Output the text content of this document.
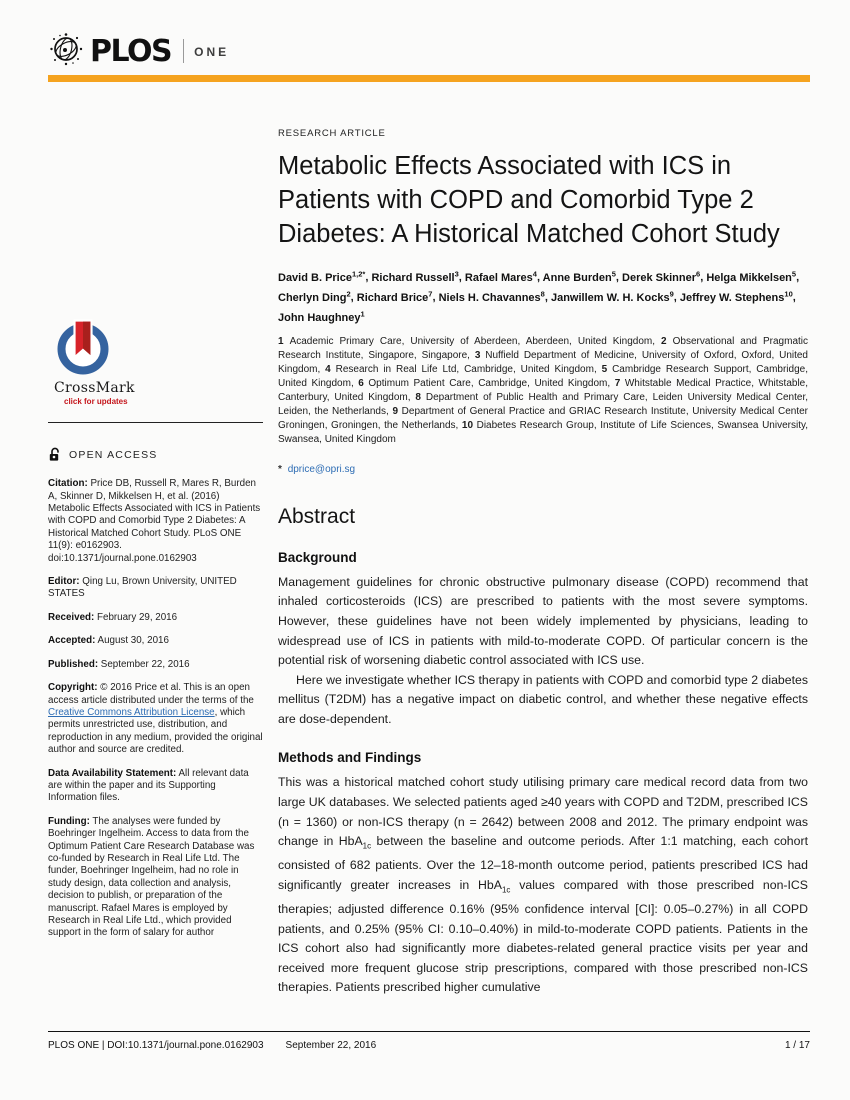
PLOS ONE
CrossMark
click for updates
OPEN ACCESS
Citation: Price DB, Russell R, Mares R, Burden A, Skinner D, Mikkelsen H, et al. (2016) Metabolic Effects Associated with ICS in Patients with COPD and Comorbid Type 2 Diabetes: A Historical Matched Cohort Study. PLoS ONE 11(9): e0162903. doi:10.1371/journal.pone.0162903
Editor: Qing Lu, Brown University, UNITED STATES
Received: February 29, 2016
Accepted: August 30, 2016
Published: September 22, 2016
Copyright: © 2016 Price et al. This is an open access article distributed under the terms of the Creative Commons Attribution License, which permits unrestricted use, distribution, and reproduction in any medium, provided the original author and source are credited.
Data Availability Statement: All relevant data are within the paper and its Supporting Information files.
Funding: The analyses were funded by Boehringer Ingelheim. Access to data from the Optimum Patient Care Research Database was co-funded by Research in Real Life Ltd. The funder, Boehringer Ingelheim, had no role in study design, data collection and analysis, decision to publish, or preparation of the manuscript. Rafael Mares is employed by Research in Real Life Ltd., which provided support in the form of salary for author
RESEARCH ARTICLE
Metabolic Effects Associated with ICS in Patients with COPD and Comorbid Type 2 Diabetes: A Historical Matched Cohort Study
David B. Price$^{1,2*}$, Richard Russell$^3$, Rafael Mares$^4$, Anne Burden$^5$, Derek Skinner$^6$, Helga Mikkelsen$^5$, Cherlyn Ding$^2$, Richard Brice$^7$, Niels H. Chavannes$^8$, Janwillem W. H. Kocks$^9$, Jeffrey W. Stephens$^{10}$, John Haughney$^1$
1 Academic Primary Care, University of Aberdeen, Aberdeen, United Kingdom, 2 Observational and Pragmatic Research Institute, Singapore, Singapore, 3 Nuffield Department of Medicine, University of Oxford, Oxford, United Kingdom, 4 Research in Real Life Ltd, Cambridge, United Kingdom, 5 Cambridge Research Support, Cambridge, United Kingdom, 6 Optimum Patient Care, Cambridge, United Kingdom, 7 Whitstable Medical Practice, Whitstable, Canterbury, United Kingdom, 8 Department of Public Health and Primary Care, Leiden University Medical Center, Leiden, the Netherlands, 9 Department of General Practice and GRIAC Research Institute, University Medical Center Groningen, Groningen, the Netherlands, 10 Diabetes Research Group, Institute of Life Sciences, Swansea University, Swansea, United Kingdom
* dprice@opri.sg
Abstract
Background

Management guidelines for chronic obstructive pulmonary disease (COPD) recommend that inhaled corticosteroids (ICS) are prescribed to patients with the most severe symptoms. However, these guidelines have not been widely implemented by physicians, leading to widespread use of ICS in patients with mild-to-moderate COPD. Of particular concern is the potential risk of worsening diabetic control associated with ICS use.

Here we investigate whether ICS therapy in patients with COPD and comorbid type 2 diabetes mellitus (T2DM) has a negative impact on diabetic control, and whether these negative effects are dose-dependent.

Methods and Findings

This was a historical matched cohort study utilising primary care medical record data from two large UK databases. We selected patients aged ≥40 years with COPD and T2DM, prescribed ICS (n = 1360) or non-ICS therapy (n = 2642) between 2008 and 2012. The primary endpoint was change in HbA$_{1c}$ between the baseline and outcome periods. After 1:1 matching, each cohort consisted of 682 patients. Over the 12–18-month outcome period, patients prescribed ICS had significantly greater increases in HbA$_{1c}$ values compared with those prescribed non-ICS therapies; adjusted difference 0.16% (95% confidence interval [CI]: 0.05–0.27%) in all COPD patients, and 0.25% (95% CI: 0.10–0.40%) in mild-to-moderate COPD patients. Patients in the ICS cohort also had significantly more diabetes-related general practice visits per year and received more frequent glucose strip prescriptions, compared with those prescribed non-ICS therapies. Patients prescribed higher cumulative

PLOS ONE | DOI:10.1371/journal.pone.0162903 September 22, 2016	1 / 17
